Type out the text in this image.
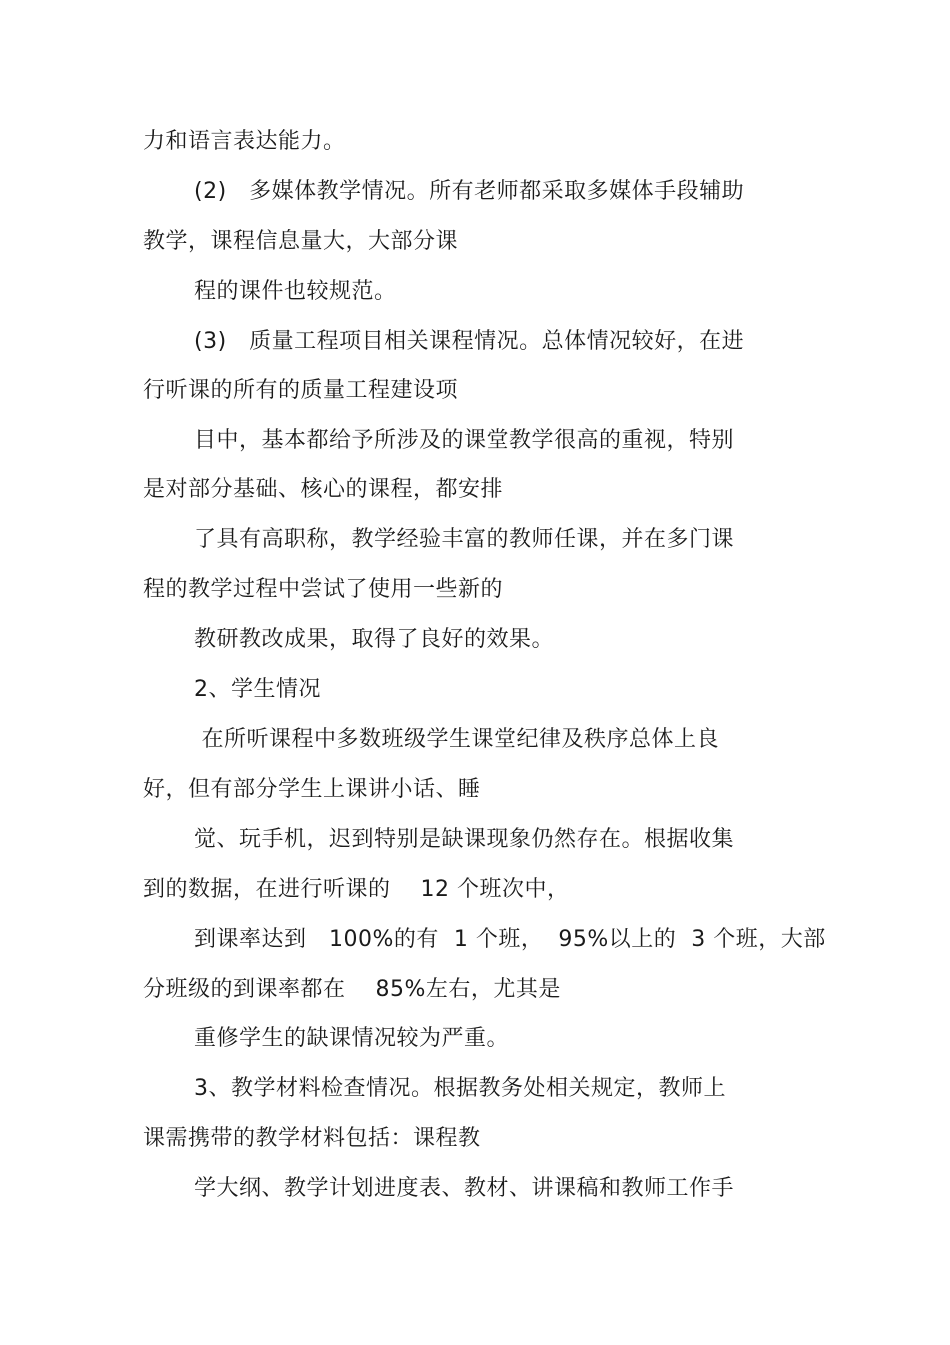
力和语言表达能力。
(2)   多媒体教学情况。所有老师都采取多媒体手段辅助
教学，课程信息量大，大部分课
程的课件也较规范。
(3)   质量工程项目相关课程情况。总体情况较好，在进
行听课的所有的质量工程建设项
目中，基本都给予所涉及的课堂教学很高的重视，特别
是对部分基础、核心的课程，都安排
了具有高职称，教学经验丰富的教师任课，并在多门课
程的教学过程中尝试了使用一些新的
教研教改成果，取得了良好的效果。
2、学生情况
在所听课程中多数班级学生课堂纪律及秩序总体上良
好，但有部分学生上课讲小话、睡
觉、玩手机，迟到特别是缺课现象仍然存在。根据收集
到的数据，在进行听课的    12 个班次中，
到课率达到   100%的有  1 个班，  95%以上的  3 个班，大部
分班级的到课率都在    85%左右，尤其是
重修学生的缺课情况较为严重。
3、教学材料检查情况。根据教务处相关规定，教师上
课需携带的教学材料包括：课程教
学大纲、教学计划进度表、教材、讲课稿和教师工作手
